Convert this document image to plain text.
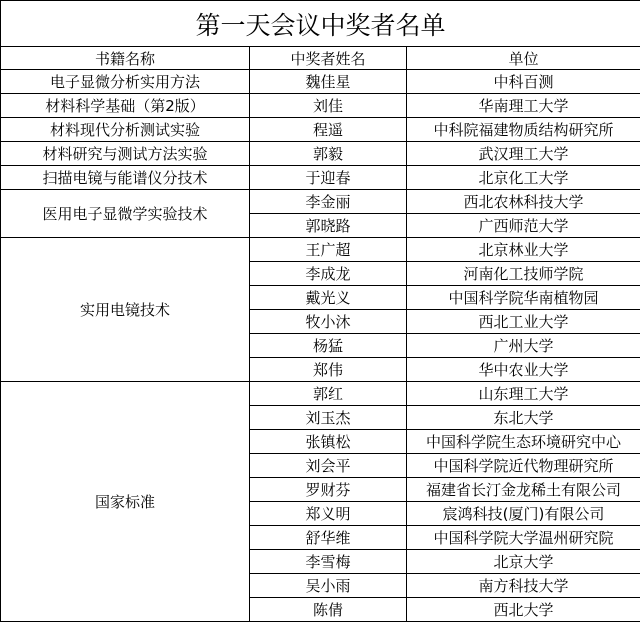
第一天会议中奖者名单		
书籍名称	中奖者姓名	单位
电子显微分析实用方法	魏佳星	中科百测
材料科学基础（第2版）	刘佳	华南理工大学
材料现代分析测试实验	程遥	中科院福建物质结构研究所
材料研究与测试方法实验	郭毅	武汉理工大学
扫描电镜与能谱仪分技术	于迎春	北京化工大学
医用电子显微学实验技术	李金丽	西北农林科技大学
	郭晓路	广西师范大学
实用电镜技术	王广超	北京林业大学
	李成龙	河南化工技师学院
	戴光义	中国科学院华南植物园
	牧小沐	西北工业大学
	杨猛	广州大学
	郑伟	华中农业大学
国家标准	郭红	山东理工大学
	刘玉杰	东北大学
	张镇松	中国科学院生态环境研究中心
	刘会平	中国科学院近代物理研究所
	罗财芬	福建省长汀金龙稀土有限公司
	郑义明	宸鸿科技(厦门)有限公司
	舒华维	中国科学院大学温州研究院
	李雪梅	北京大学
	吴小雨	南方科技大学
	陈倩	西北大学
